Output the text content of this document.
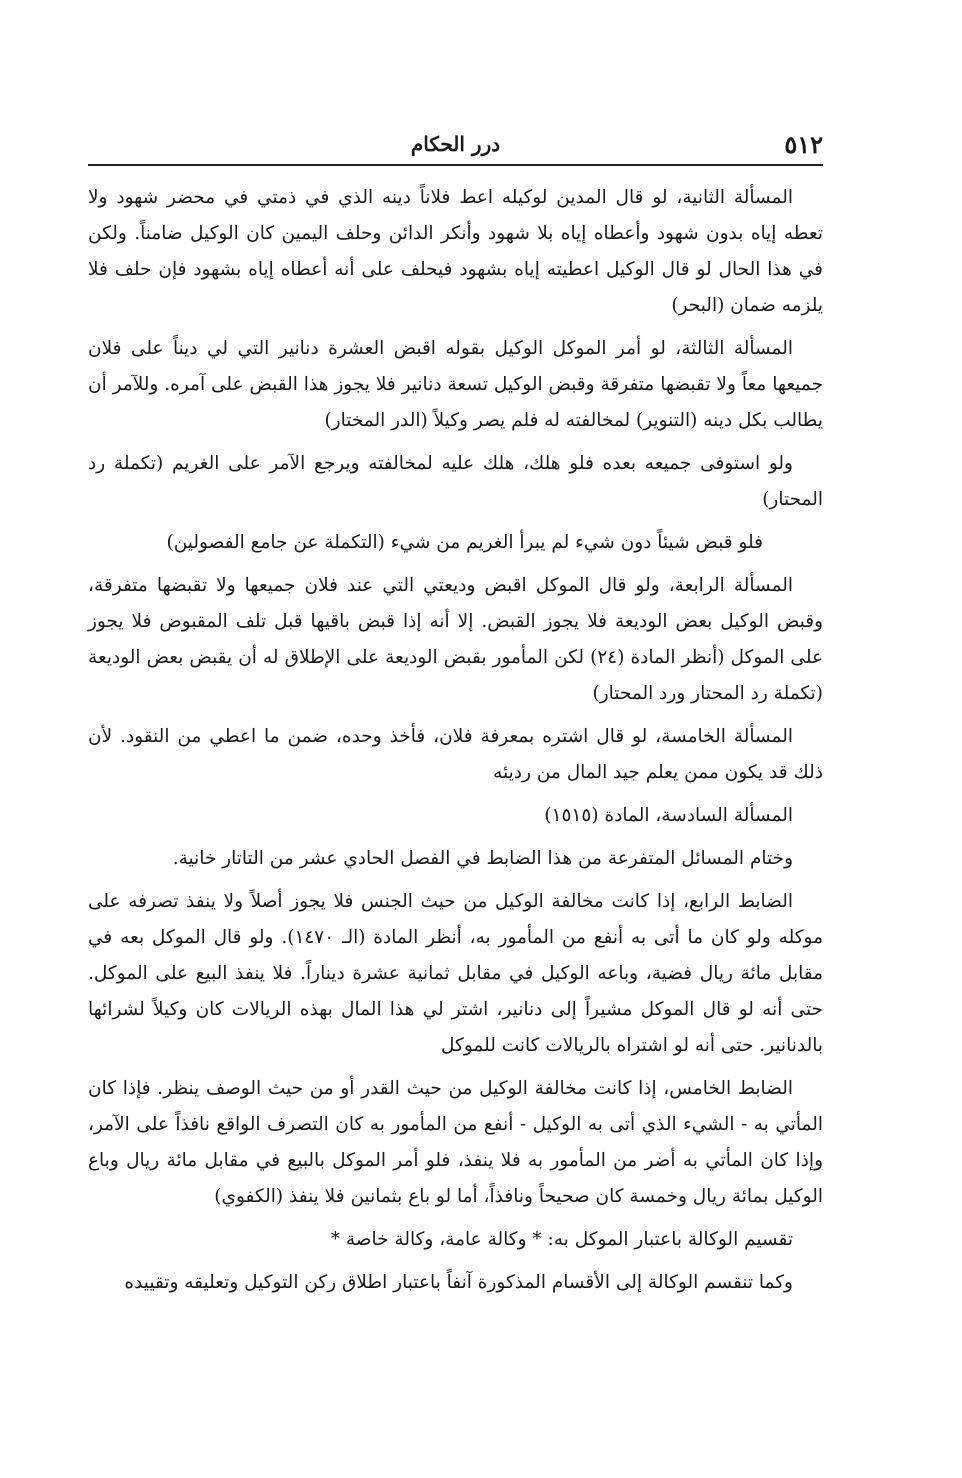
٥١٢
درر الحكام

المسألة الثانية، لو قال المدين لوكيله اعط فلاناً دينه الذي في ذمتي في محضر شهود ولا تعطه إياه بدون شهود وأعطاه إياه بلا شهود وأنكر الدائن وحلف اليمين كان الوكيل ضامناً. ولكن في هذا الحال لو قال الوكيل اعطيته إياه بشهود فيحلف على أنه أعطاه إياه بشهود فإن حلف فلا يلزمه ضمان (البحر)

المسألة الثالثة، لو أمر الموكل الوكيل بقوله اقبض العشرة دنانير التي لي ديناً على فلان جميعها معاً ولا تقبضها متفرقة وقبض الوكيل تسعة دنانير فلا يجوز هذا القبض على آمره. وللآمر أن يطالب بكل دينه (التنوير) لمخالفته له فلم يصر وكيلاً (الدر المختار)

ولو استوفى جميعه بعده فلو هلك، هلك عليه لمخالفته ويرجع الآمر على الغريم (تكملة رد المحتار)

فلو قبض شيئاً دون شيء لم يبرأ الغريم من شيء (التكملة عن جامع الفصولين)

المسألة الرابعة، ولو قال الموكل اقبض وديعتي التي عند فلان جميعها ولا تقبضها متفرقة، وقبض الوكيل بعض الوديعة فلا يجوز القبض. إلا أنه إذا قبض باقيها قبل تلف المقبوض فلا يجوز على الموكل (أنظر المادة (٢٤) لكن المأمور بقبض الوديعة على الإطلاق له أن يقبض بعض الوديعة (تكملة رد المحتار ورد المحتار)

المسألة الخامسة، لو قال اشتره بمعرفة فلان، فأخذ وحده، ضمن ما اعطي من النقود. لأن ذلك قد يكون ممن يعلم جيد المال من رديئه

المسألة السادسة، المادة (١٥١٥)

وختام المسائل المتفرعة من هذا الضابط في الفصل الحادي عشر من التاتار خانية.

الضابط الرابع، إذا كانت مخالفة الوكيل من حيث الجنس فلا يجوز أصلاً ولا ينفذ تصرفه على موكله ولو كان ما أتى به أنفع من المأمور به، أنظر المادة (الـ ١٤٧٠). ولو قال الموكل بعه في مقابل مائة ريال فضية، وباعه الوكيل في مقابل ثمانية عشرة ديناراً. فلا ينفذ البيع على الموكل. حتى أنه لو قال الموكل مشيراً إلى دنانير، اشتر لي هذا المال بهذه الريالات كان وكيلاً لشرائها بالدنانير. حتى أنه لو اشتراه بالريالات كانت للموكل

الضابط الخامس، إذا كانت مخالفة الوكيل من حيث القدر أو من حيث الوصف ينظر. فإذا كان المأتي به - الشيء الذي أتى به الوكيل - أنفع من المأمور به كان التصرف الواقع نافذاً على الآمر، وإذا كان المأتي به أضر من المأمور به فلا ينفذ، فلو أمر الموكل بالبيع في مقابل مائة ريال وباع الوكيل بمائة ريال وخمسة كان صحيحاً ونافذاً، أما لو باع بثمانين فلا ينفذ (الكفوي)

تقسيم الوكالة باعتبار الموكل به: * وكالة عامة، وكالة خاصة *

وكما تنقسم الوكالة إلى الأقسام المذكورة آنفاً باعتبار اطلاق ركن التوكيل وتعليقه وتقييده
